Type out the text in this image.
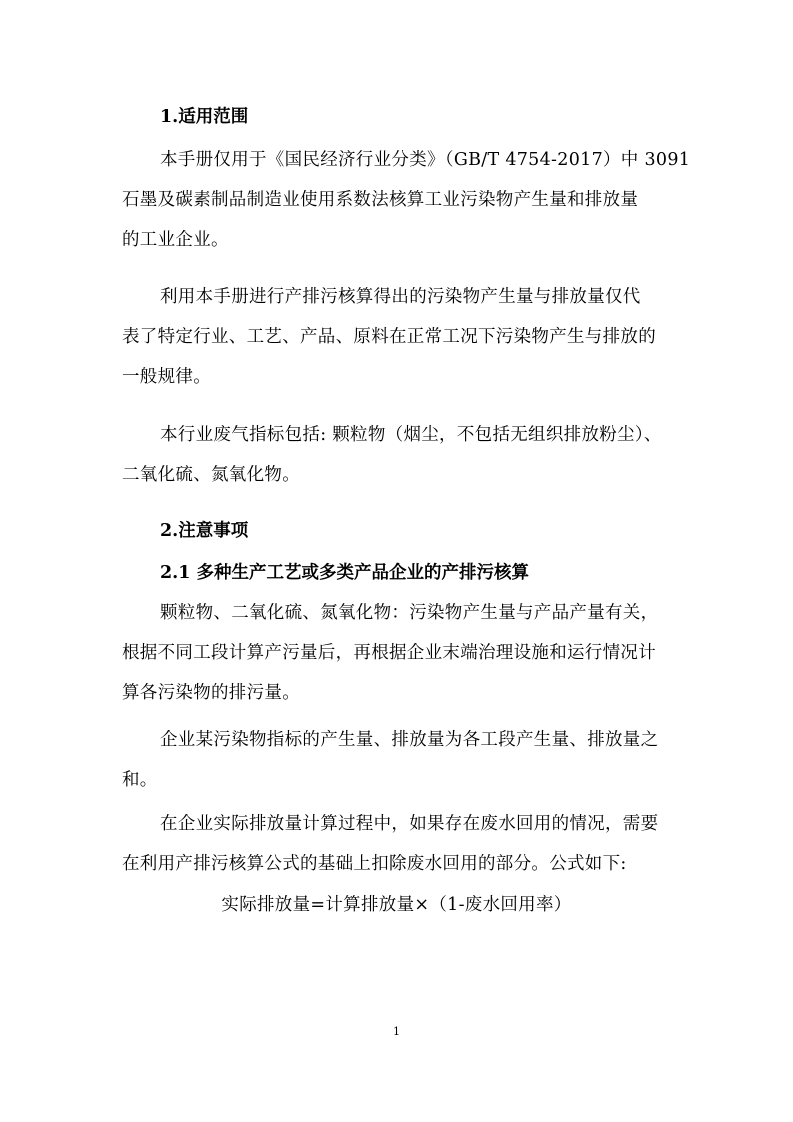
1.适用范围
本手册仅用于《国民经济行业分类》（GB/T 4754-2017）中 3091
石墨及碳素制品制造业使用系数法核算工业污染物产生量和排放量
的工业企业。
利用本手册进行产排污核算得出的污染物产生量与排放量仅代
表了特定行业、工艺、产品、原料在正常工况下污染物产生与排放的
一般规律。
本行业废气指标包括: 颗粒物（烟尘，不包括无组织排放粉尘）、
二氧化硫、氮氧化物。
2.注意事项
2.1 多种生产工艺或多类产品企业的产排污核算
颗粒物、二氧化硫、氮氧化物：污染物产生量与产品产量有关，
根据不同工段计算产污量后，再根据企业末端治理设施和运行情况计
算各污染物的排污量。
企业某污染物指标的产生量、排放量为各工段产生量、排放量之
和。
在企业实际排放量计算过程中，如果存在废水回用的情况，需要
在利用产排污核算公式的基础上扣除废水回用的部分。公式如下:
实际排放量=计算排放量×（1-废水回用率）
1
